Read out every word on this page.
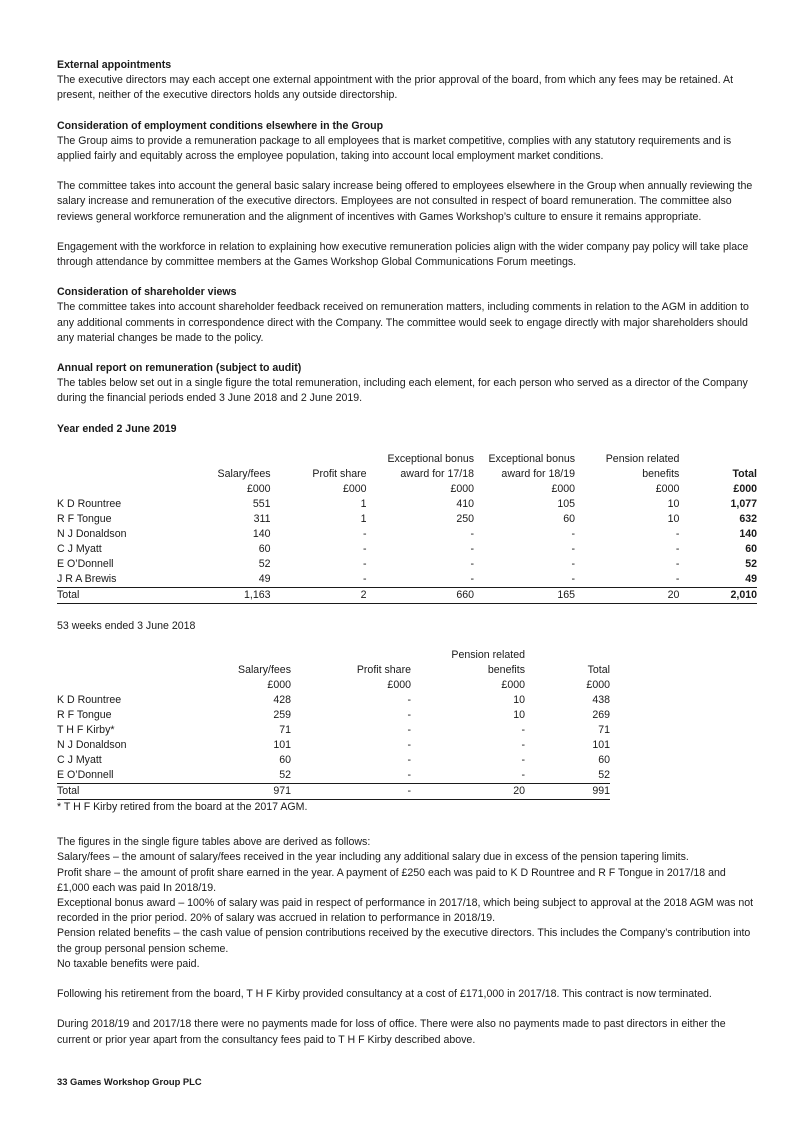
External appointments

The executive directors may each accept one external appointment with the prior approval of the board, from which any fees may be retained. At present, neither of the executive directors holds any outside directorship.

Consideration of employment conditions elsewhere in the Group

The Group aims to provide a remuneration package to all employees that is market competitive, complies with any statutory requirements and is applied fairly and equitably across the employee population, taking into account local employment market conditions.

The committee takes into account the general basic salary increase being offered to employees elsewhere in the Group when annually reviewing the salary increase and remuneration of the executive directors. Employees are not consulted in respect of board remuneration. The committee also reviews general workforce remuneration and the alignment of incentives with Games Workshop’s culture to ensure it remains appropriate.

Engagement with the workforce in relation to explaining how executive remuneration policies align with the wider company pay policy will take place through attendance by committee members at the Games Workshop Global Communications Forum meetings.

Consideration of shareholder views

The committee takes into account shareholder feedback received on remuneration matters, including comments in relation to the AGM in addition to any additional comments in correspondence direct with the Company. The committee would seek to engage directly with major shareholders should any material changes be made to the policy.

Annual report on remuneration (subject to audit)

The tables below set out in a single figure the total remuneration, including each element, for each person who served as a director of the Company during the financial periods ended 3 June 2018 and 2 June 2019.

Year ended 2 June 2019
			Exceptional bonus	Exceptional bonus	Pension related	
	Salary/fees	Profit share	award for 17/18	award for 18/19	benefits	Total
	£000	£000	£000	£000	£000	£000
K D Rountree	551	1	410	105	10	1,077
R F Tongue	311	1	250	60	10	632
N J Donaldson	140	-	-	-	-	140
C J Myatt	60	-	-	-	-	60
E O’Donnell	52	-	-	-	-	52
J R A Brewis	49	-	-	-	-	49
Total	1,163	2	660	165	20	2,010
53 weeks ended 3 June 2018
			Pension related	
	Salary/fees	Profit share	benefits	Total
	£000	£000	£000	£000
K D Rountree	428	-	10	438
R F Tongue	259	-	10	269
T H F Kirby*	71	-	-	71
N J Donaldson	101	-	-	101
C J Myatt	60	-	-	60
E O’Donnell	52	-	-	52
Total	971	-	20	991
* T H F Kirby retired from the board at the 2017 AGM.
The figures in the single figure tables above are derived as follows:
Salary/fees – the amount of salary/fees received in the year including any additional salary due in excess of the pension tapering limits.
Profit share – the amount of profit share earned in the year. A payment of £250 each was paid to K D Rountree and R F Tongue in 2017/18 and £1,000 each was paid In 2018/19.
Exceptional bonus award – 100% of salary was paid in respect of performance in 2017/18, which being subject to approval at the 2018 AGM was not recorded in the prior period. 20% of salary was accrued in relation to performance in 2018/19.
Pension related benefits – the cash value of pension contributions received by the executive directors. This includes the Company’s contribution into the group personal pension scheme.
No taxable benefits were paid.

Following his retirement from the board, T H F Kirby provided consultancy at a cost of £171,000 in 2017/18. This contract is now terminated.

During 2018/19 and 2017/18 there were no payments made for loss of office. There were also no payments made to past directors in either the current or prior year apart from the consultancy fees paid to T H F Kirby described above.

33 Games Workshop Group PLC
